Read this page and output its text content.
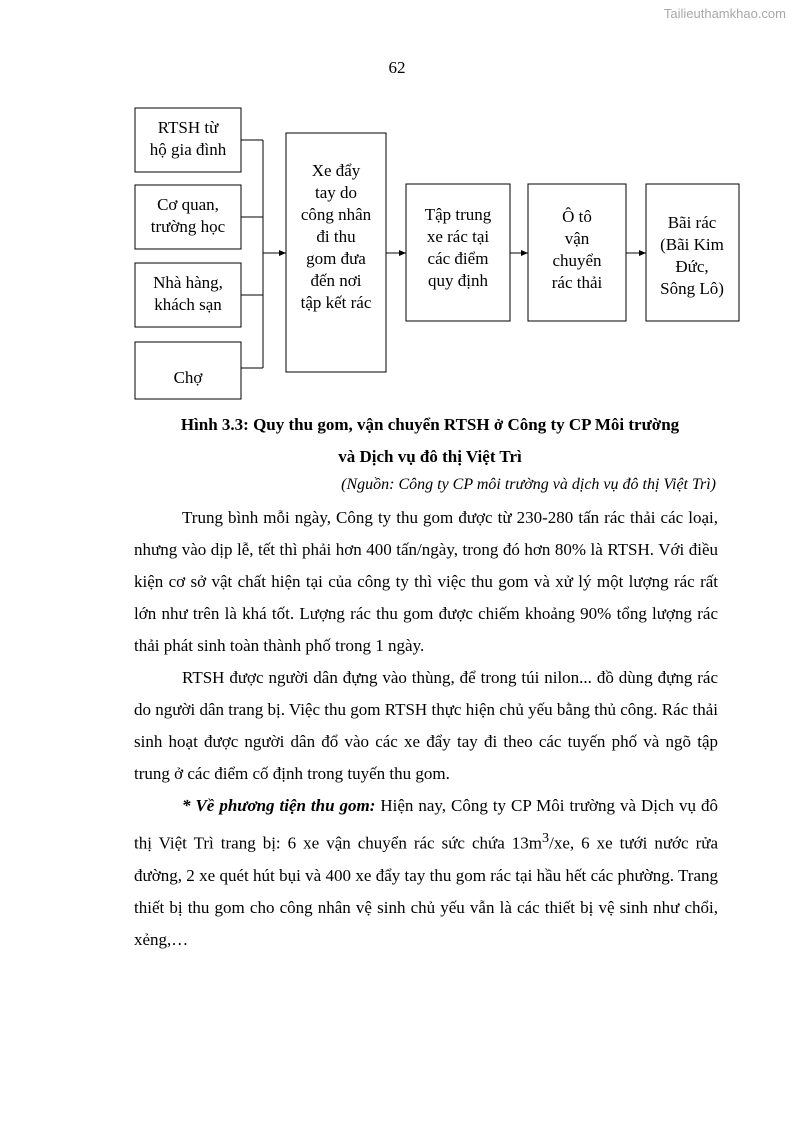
Tailieuthamkhao.com
62
RTSH từ
hộ gia đình
Cơ quan,
trường học
Nhà hàng,
khách sạn
Chợ
Xe đẩy
tay do
công nhân
đi thu
gom đưa
đến nơi
tập kết rác
Tập trung
xe rác tại
các điểm
quy định
Ô tô
vận
chuyển
rác thải
Bãi rác
(Bãi Kim
Đức,
Sông Lô)
Hình 3.3: Quy thu gom, vận chuyển RTSH ở Công ty CP Môi trường
và Dịch vụ đô thị Việt Trì
(Nguồn: Công ty CP môi trường và dịch vụ đô thị Việt Trì)

Trung bình mỗi ngày, Công ty thu gom được từ 230-280 tấn rác thải các loại, nhưng vào dịp lễ, tết thì phải hơn 400 tấn/ngày, trong đó hơn 80% là RTSH. Với điều kiện cơ sở vật chất hiện tại của công ty thì việc thu gom và xử lý một lượng rác rất lớn như trên là khá tốt. Lượng rác thu gom được chiếm khoảng 90% tổng lượng rác thải phát sinh toàn thành phố trong 1 ngày.

RTSH được người dân đựng vào thùng, để trong túi nilon... đồ dùng đựng rác do người dân trang bị. Việc thu gom RTSH thực hiện chủ yếu bằng thủ công. Rác thải sinh hoạt được người dân đổ vào các xe đẩy tay đi theo các tuyến phố và ngõ tập trung ở các điểm cố định trong tuyến thu gom.

* Về phương tiện thu gom: Hiện nay, Công ty CP Môi trường và Dịch vụ đô thị Việt Trì trang bị: 6 xe vận chuyển rác sức chứa $13m^3/xe$, 6 xe tưới nước rửa đường, 2 xe quét hút bụi và 400 xe đẩy tay thu gom rác tại hầu hết các phường. Trang thiết bị thu gom cho công nhân vệ sinh chủ yếu vẫn là các thiết bị vệ sinh như chổi, xẻng,…
